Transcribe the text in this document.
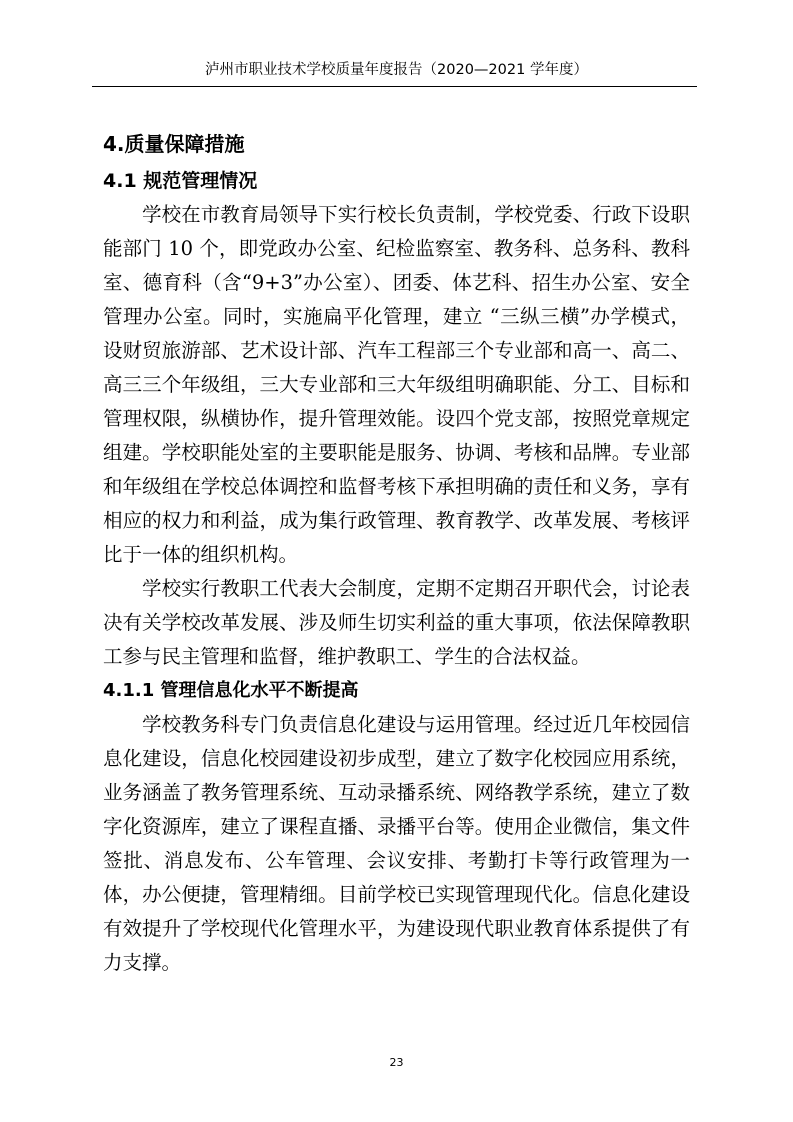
泸州市职业技术学校质量年度报告（2020—2021 学年度）
4.质量保障措施
4.1 规范管理情况

学校在市教育局领导下实行校长负责制，学校党委、行政下设职能部门 10 个，即党政办公室、纪检监察室、教务科、总务科、教科室、德育科（含“9+3”办公室）、团委、体艺科、招生办公室、安全管理办公室。同时，实施扁平化管理，建立 “三纵三横”办学模式，设财贸旅游部、艺术设计部、汽车工程部三个专业部和高一、高二、高三三个年级组，三大专业部和三大年级组明确职能、分工、目标和管理权限，纵横协作，提升管理效能。设四个党支部，按照党章规定组建。学校职能处室的主要职能是服务、协调、考核和品牌。专业部和年级组在学校总体调控和监督考核下承担明确的责任和义务，享有相应的权力和利益，成为集行政管理、教育教学、改革发展、考核评比于一体的组织机构。

学校实行教职工代表大会制度，定期不定期召开职代会，讨论表决有关学校改革发展、涉及师生切实利益的重大事项，依法保障教职工参与民主管理和监督，维护教职工、学生的合法权益。

4.1.1 管理信息化水平不断提高

学校教务科专门负责信息化建设与运用管理。经过近几年校园信息化建设，信息化校园建设初步成型，建立了数字化校园应用系统，业务涵盖了教务管理系统、互动录播系统、网络教学系统，建立了数字化资源库，建立了课程直播、录播平台等。使用企业微信，集文件签批、消息发布、公车管理、会议安排、考勤打卡等行政管理为一体，办公便捷，管理精细。目前学校已实现管理现代化。信息化建设有效提升了学校现代化管理水平，为建设现代职业教育体系提供了有力支撑。

23
